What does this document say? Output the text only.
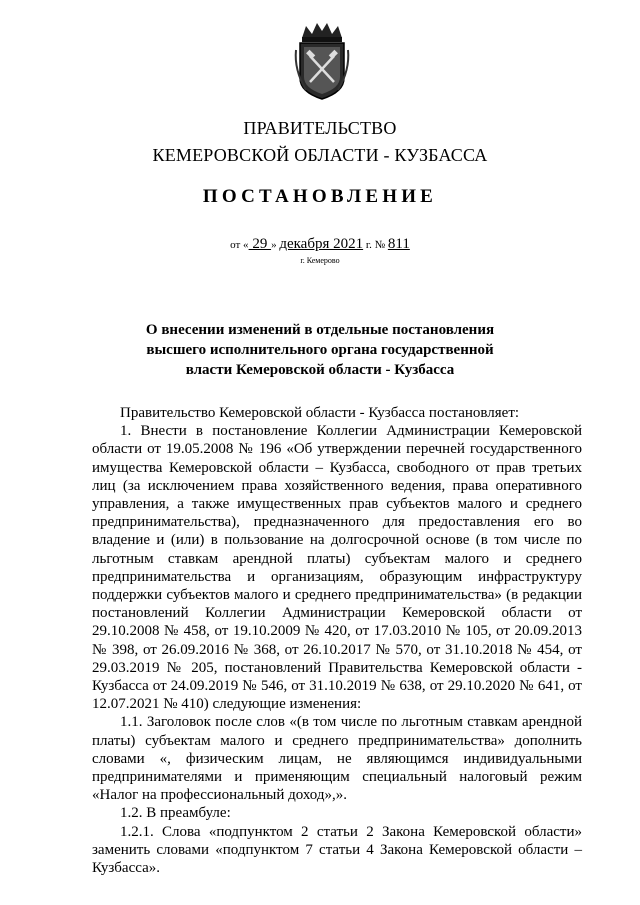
ПРАВИТЕЛЬСТВО
КЕМЕРОВСКОЙ ОБЛАСТИ - КУЗБАССА
ПОСТАНОВЛЕНИЕ
от « 29 » декабря 2021 г. № 811
г. Кемерово
О внесении изменений в отдельные постановления
высшего исполнительного органа государственной
власти Кемеровской области - Кузбасса

Правительство Кемеровской области - Кузбасса постановляет:

1. Внести в постановление Коллегии Администрации Кемеровской области от 19.05.2008 № 196 «Об утверждении перечней государственного имущества Кемеровской области – Кузбасса, свободного от прав третьих лиц (за исключением права хозяйственного ведения, права оперативного управления, а также имущественных прав субъектов малого и среднего предпринимательства), предназначенного для предоставления его во владение и (или) в пользование на долгосрочной основе (в том числе по льготным ставкам арендной платы) субъектам малого и среднего предпринимательства и организациям, образующим инфраструктуру поддержки субъектов малого и среднего предпринимательства» (в редакции постановлений Коллегии Администрации Кемеровской области от 29.10.2008 № 458, от 19.10.2009 № 420, от 17.03.2010 № 105, от 20.09.2013 № 398, от 26.09.2016 № 368, от 26.10.2017 № 570, от 31.10.2018 № 454, от 29.03.2019 № 205, постановлений Правительства Кемеровской области - Кузбасса от 24.09.2019 № 546, от 31.10.2019 № 638, от 29.10.2020 № 641, от 12.07.2021 № 410) следующие изменения:

1.1. Заголовок после слов «(в том числе по льготным ставкам арендной платы) субъектам малого и среднего предпринимательства» дополнить словами «, физическим лицам, не являющимся индивидуальными предпринимателями и применяющим специальный налоговый режим «Налог на профессиональный доход»,».

1.2. В преамбуле:

1.2.1. Слова «подпунктом 2 статьи 2 Закона Кемеровской области» заменить словами «подпунктом 7 статьи 4 Закона Кемеровской области – Кузбасса».
